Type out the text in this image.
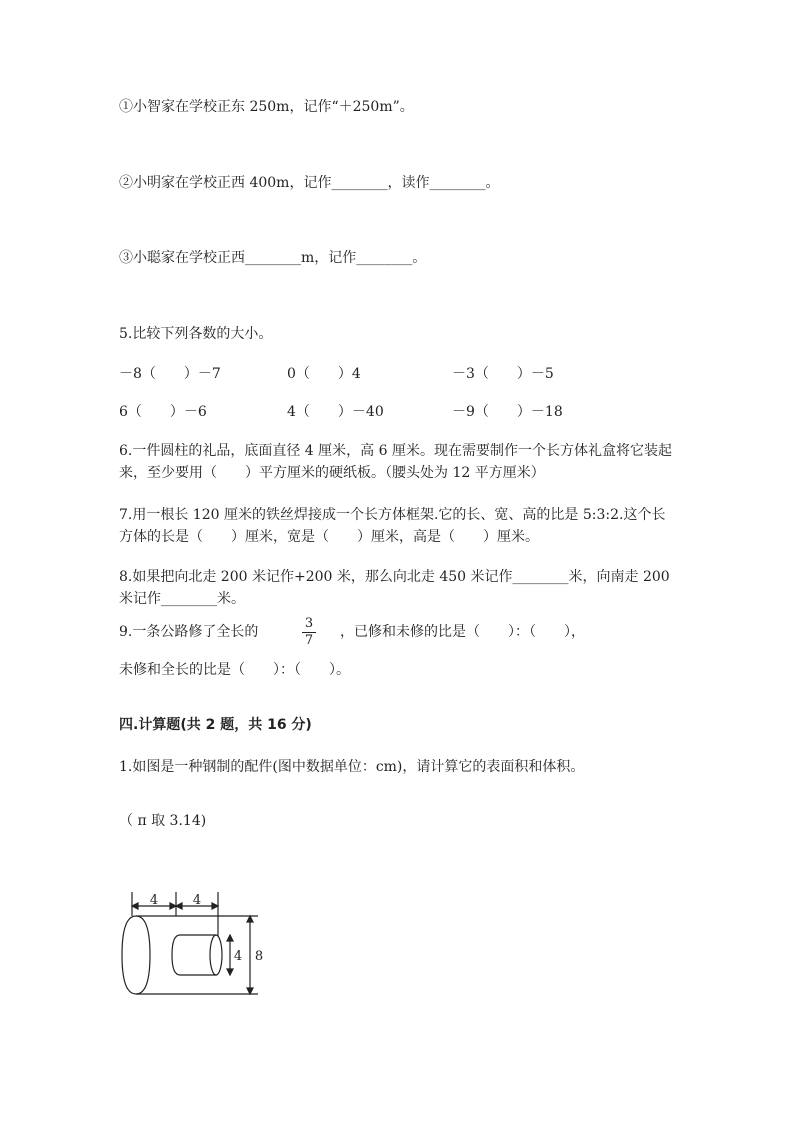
①小智家在学校正东 250m，记作“＋250m”。
②小明家在学校正西 400m，记作________，读作________。
③小聪家在学校正西________m，记作________。
5.比较下列各数的大小。
－8（　　）－7	0（　　）4	－3（　　）－5
6（　　）－6	4（　　）－40	－9（　　）－18
6.一件圆柱的礼品，底面直径 4 厘米，高 6 厘米。现在需要制作一个长方体礼盒将它装起来，至少要用（　　）平方厘米的硬纸板。（腰头处为 12 平方厘米）
7.用一根长 120 厘米的铁丝焊接成一个长方体框架.它的长、宽、高的比是 5:3:2.这个长方体的长是（　　）厘米，宽是（　　）厘米，高是（　　）厘米。
8.如果把向北走 200 米记作+200 米，那么向北走 450 米记作________米，向南走 200 米记作________米。
9.一条公路修了全长的
3
7
，已修和未修的比是（　　）：（　　），
未修和全长的比是（　　）：（　　）。
四.计算题(共 2 题，共 16 分)
1.如图是一种钢制的配件(图中数据单位：cm)，请计算它的表面积和体积。
（ π 取 3.14)
4	4
4 8
